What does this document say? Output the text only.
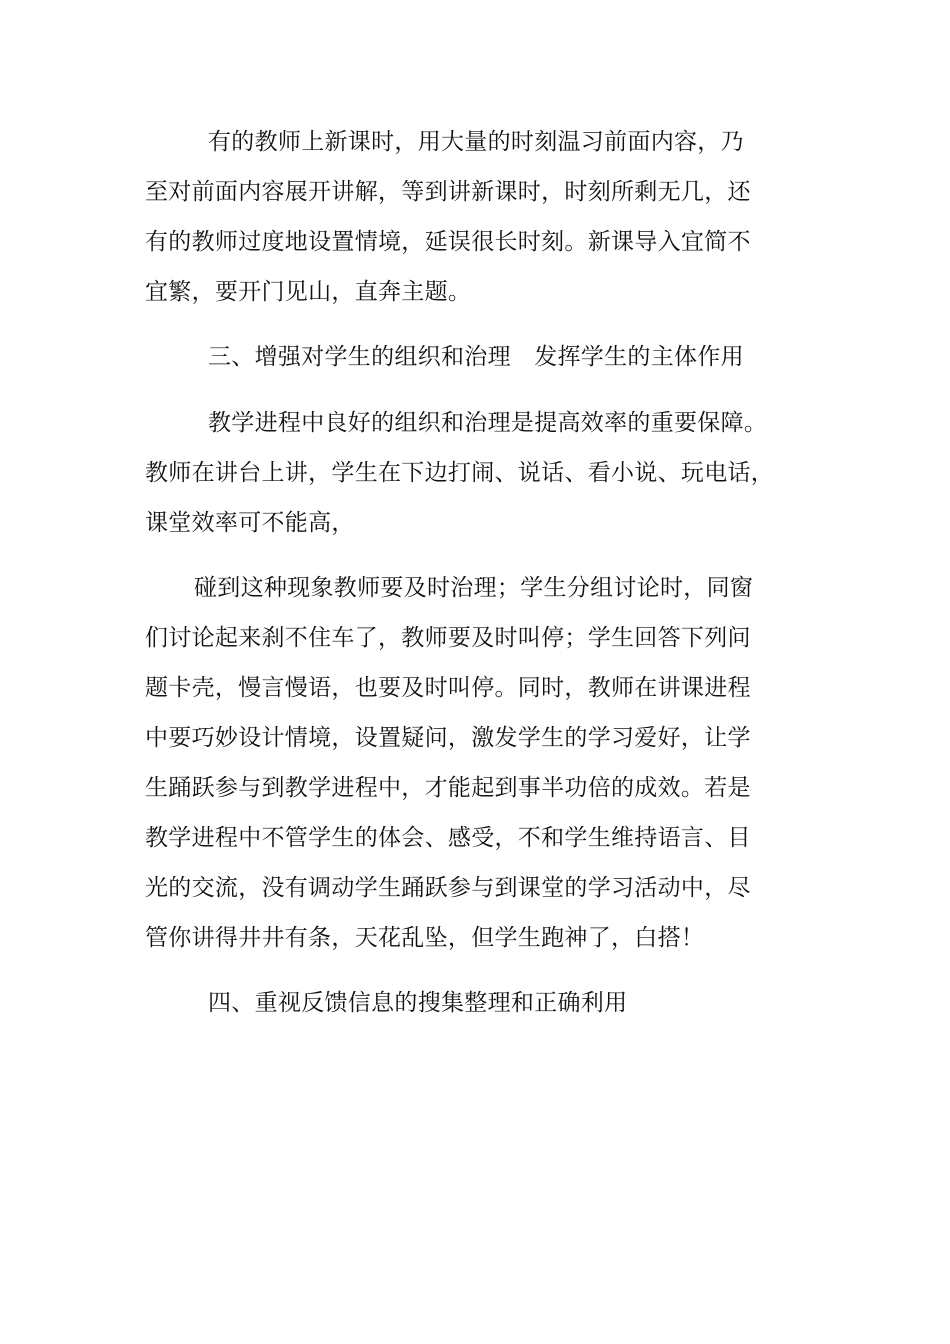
有的教师上新课时，用大量的时刻温习前面内容，乃
至对前面内容展开讲解，等到讲新课时，时刻所剩无几，还
有的教师过度地设置情境，延误很长时刻。新课导入宜简不
宜繁，要开门见山，直奔主题。
三、增强对学生的组织和治理　发挥学生的主体作用
教学进程中良好的组织和治理是提高效率的重要保障。
教师在讲台上讲，学生在下边打闹、说话、看小说、玩电话，
课堂效率可不能高，
碰到这种现象教师要及时治理；学生分组讨论时，同窗
们讨论起来刹不住车了，教师要及时叫停；学生回答下列问
题卡壳，慢言慢语，也要及时叫停。同时，教师在讲课进程
中要巧妙设计情境，设置疑问，激发学生的学习爱好，让学
生踊跃参与到教学进程中，才能起到事半功倍的成效。若是
教学进程中不管学生的体会、感受，不和学生维持语言、目
光的交流，没有调动学生踊跃参与到课堂的学习活动中，尽
管你讲得井井有条，天花乱坠，但学生跑神了，白搭！
四、重视反馈信息的搜集整理和正确利用
